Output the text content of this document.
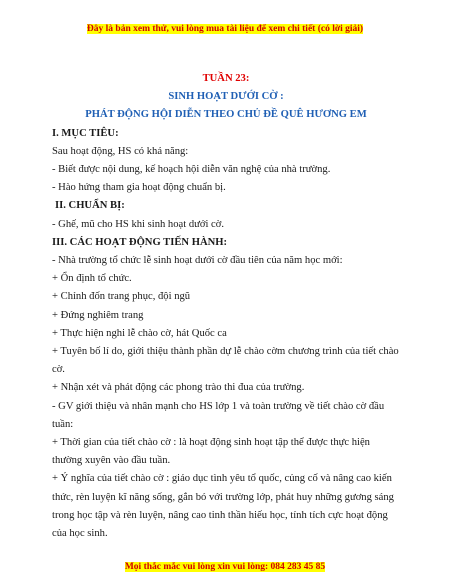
Đây là bản xem thử, vui lòng mua tài liệu để xem chi tiết (có lời giải)

TUẦN 23:

SINH HOẠT DƯỚI CỜ :

PHÁT ĐỘNG HỘI DIỄN THEO CHỦ ĐỀ QUÊ HƯƠNG EM

I. MỤC TIÊU:

Sau hoạt động, HS có khả năng:

- Biết được nội dung, kế hoạch hội diễn văn nghệ của nhà trường.

- Hào hứng tham gia hoạt động chuẩn bị.

II. CHUẨN BỊ:

- Ghế, mũ cho HS khi sinh hoạt dưới cờ.

III. CÁC HOẠT ĐỘNG TIẾN HÀNH:

- Nhà trường tổ chức lễ sinh hoạt dưới cờ đầu tiên của năm học mới:

+ Ổn định tổ chức.

+ Chỉnh đốn trang phục, đội ngũ

+ Đứng nghiêm trang

+ Thực hiện nghi lễ chào cờ, hát Quốc ca

+ Tuyên bố lí do, giới thiệu thành phần dự lễ chào cờm chương trình của tiết chào cờ.

+ Nhận xét và phát động các phong trào thi đua của trường.

- GV giới thiệu và nhân mạnh cho HS lớp 1 và toàn trường về tiết chào cờ đầu tuần:

+ Thời gian của tiết chào cờ : là hoạt động sinh hoạt tập thể được thực hiện thường xuyên vào đầu tuần.

+ Ý nghĩa của tiết chào cờ : giáo dục tình yêu tổ quốc, củng cố và nâng cao kiến thức, rèn luyện kĩ năng sống, gắn bó với trường lớp, phát huy những gương sáng trong học tập và rèn luyện, nâng cao tinh thần hiếu học, tính tích cực hoạt động của học sinh.

Mọi thắc mắc vui lòng xin vui lòng: 084 283 45 85
